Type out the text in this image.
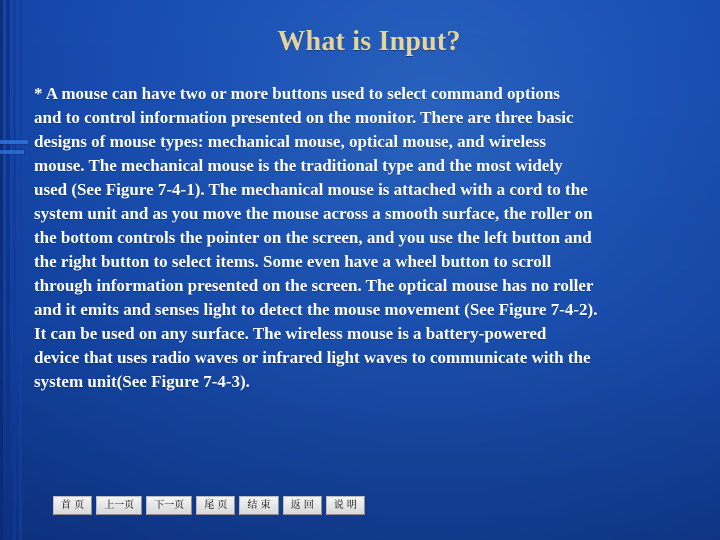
What is Input?
* A mouse can have two or more buttons used to select command options
and to control information presented on the monitor. There are three basic
designs of mouse types: mechanical mouse, optical mouse, and wireless
mouse. The mechanical mouse is the traditional type and the most widely
used (See Figure 7-4-1). The mechanical mouse is attached with a cord to the
system unit and as you move the mouse across a smooth surface, the roller on
the bottom controls the pointer on the screen, and you use the left button and
the right button to select items. Some even have a wheel button to scroll
through information presented on the screen. The optical mouse has no roller
and it emits and senses light to detect the mouse movement (See Figure 7-4-2).
It can be used on any surface. The wireless mouse is a battery-powered
device that uses radio waves or infrared light waves to communicate with the
system unit(See Figure 7-4-3).
首 页	上一页	下一页	尾 页	结 束	返 回	说 明
